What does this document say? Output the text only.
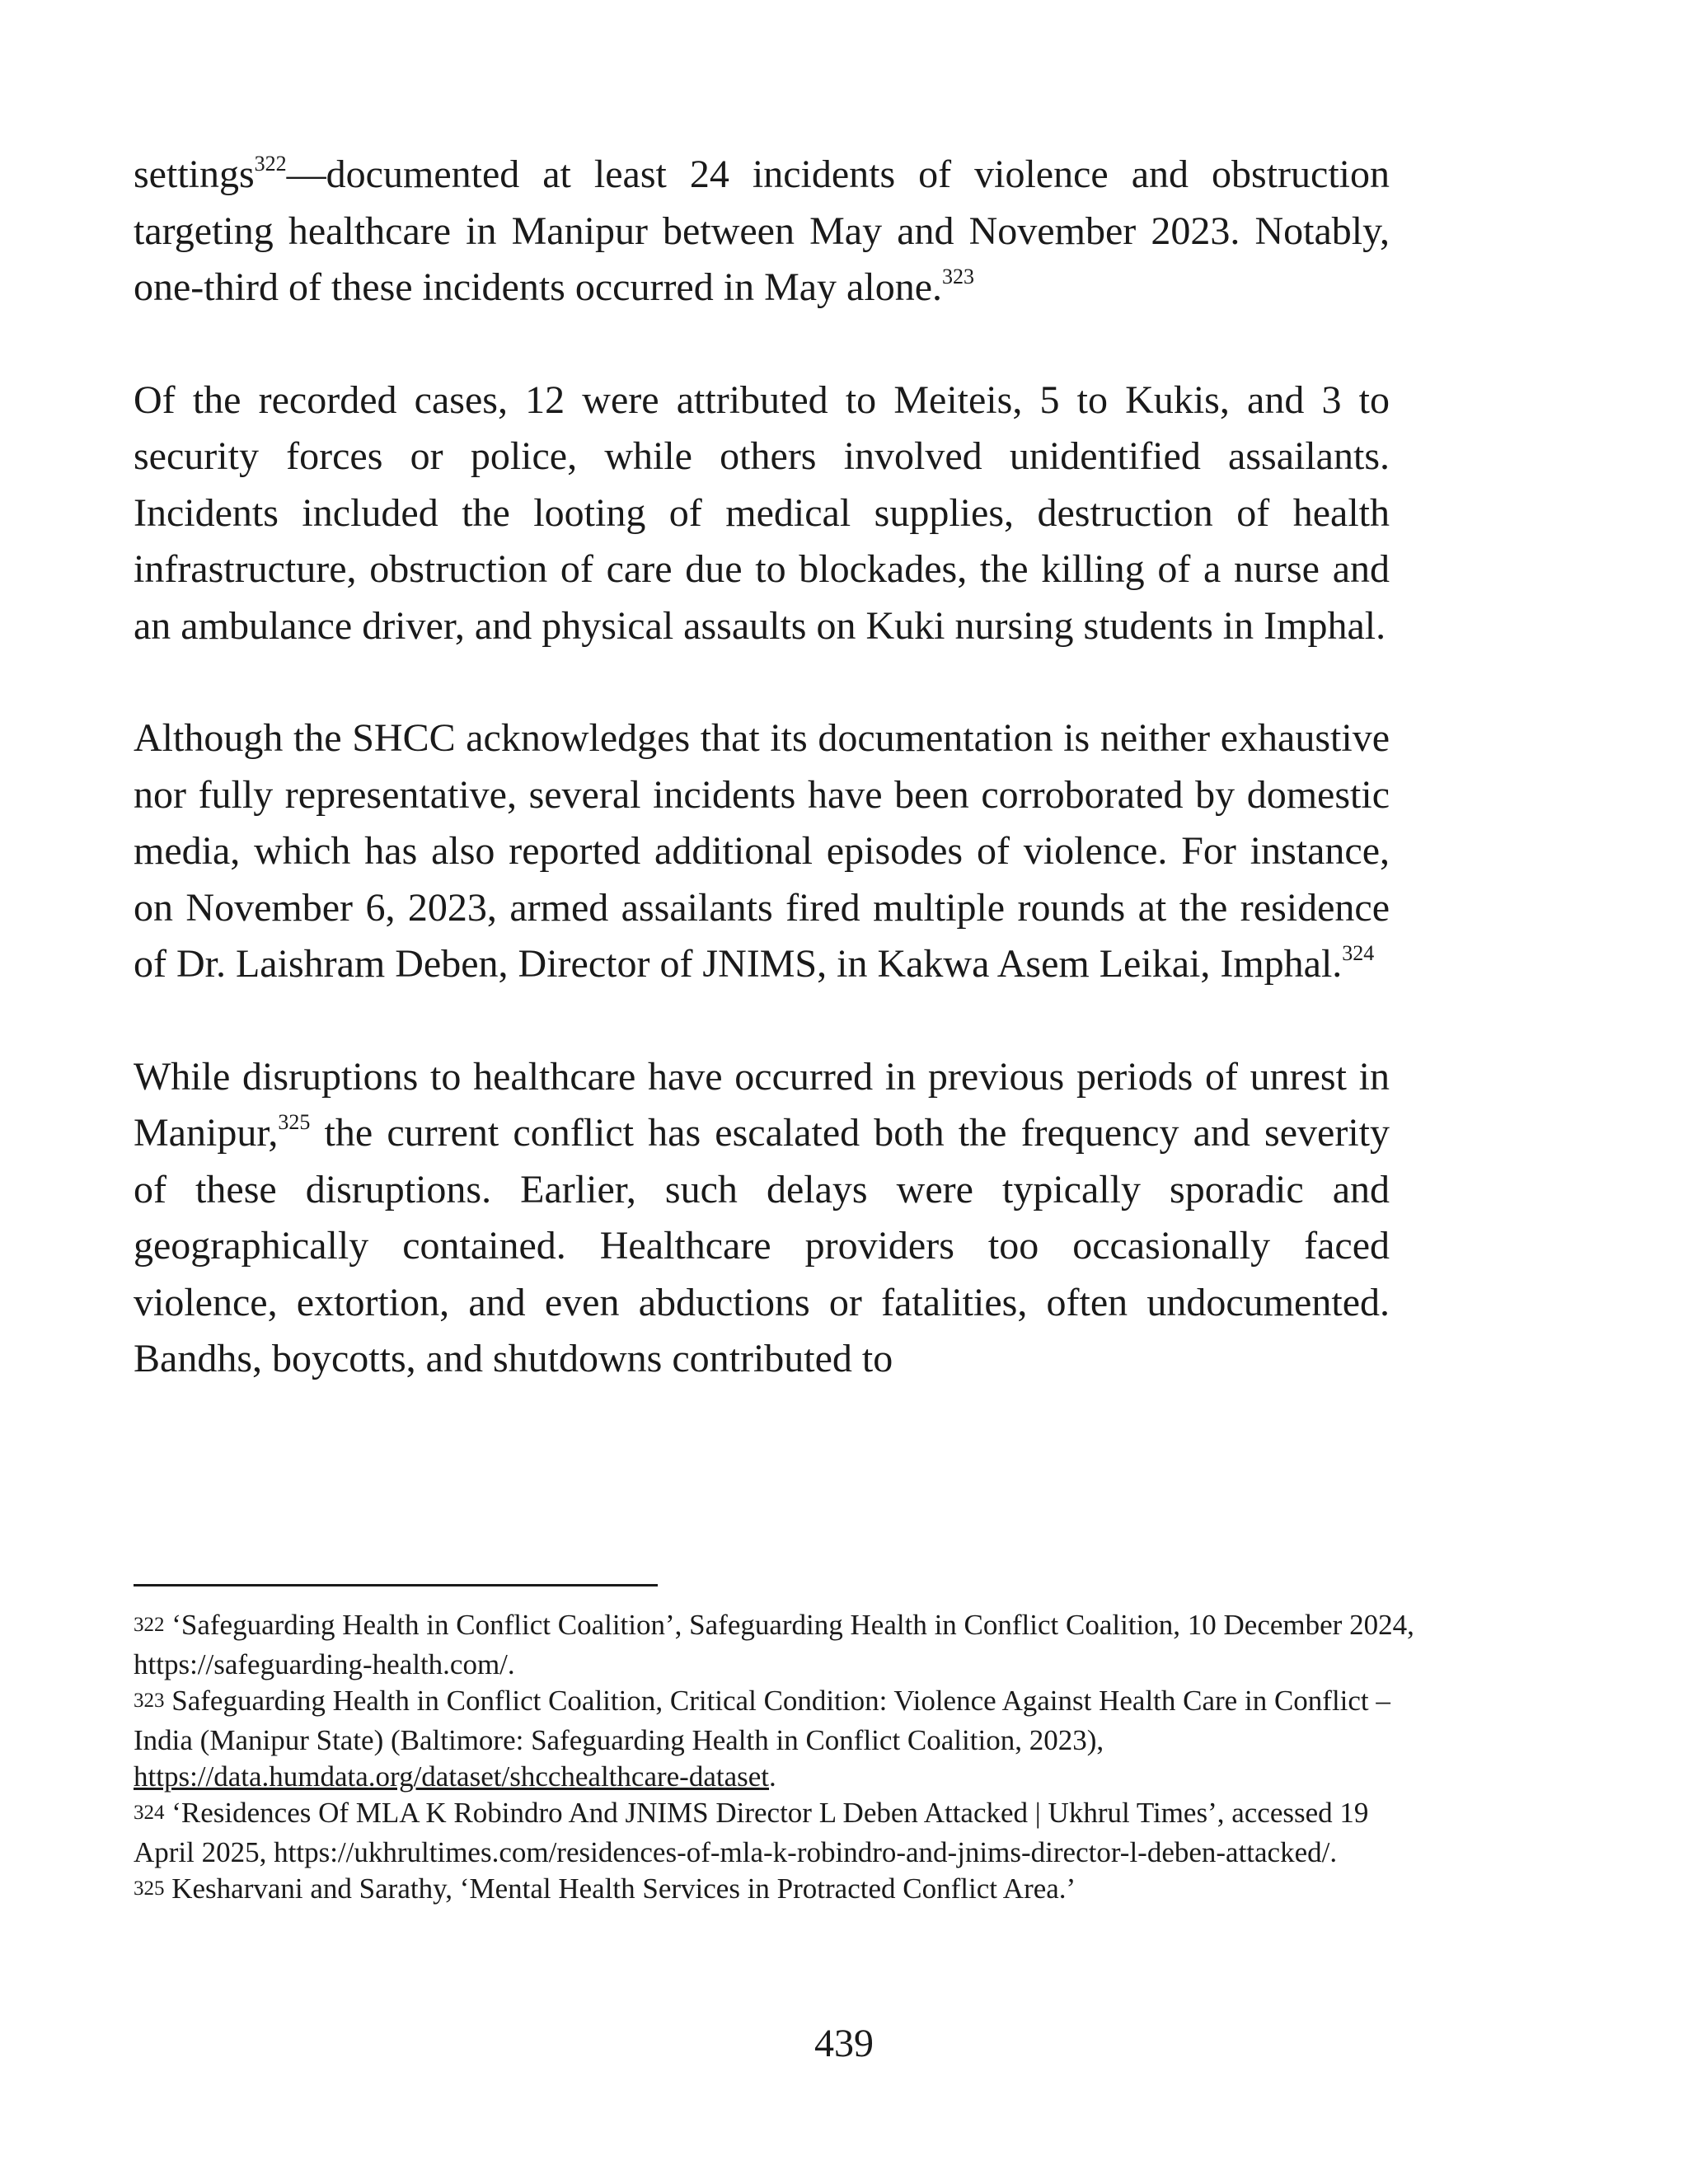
settings$^{322}$—documented at least 24 incidents of violence and obstruction targeting healthcare in Manipur between May and November 2023. Notably, one-third of these incidents occurred in May alone.$^{323}$

Of the recorded cases, 12 were attributed to Meiteis, 5 to Kukis, and 3 to security forces or police, while others involved unidentified assailants. Incidents included the looting of medical supplies, destruction of health infrastructure, obstruction of care due to blockades, the killing of a nurse and an ambulance driver, and physical assaults on Kuki nursing students in Imphal.

Although the SHCC acknowledges that its documentation is neither exhaustive nor fully representative, several incidents have been corroborated by domestic media, which has also reported additional episodes of violence. For instance, on November 6, 2023, armed assailants fired multiple rounds at the residence of Dr. Laishram Deben, Director of JNIMS, in Kakwa Asem Leikai, Imphal.$^{324}$

While disruptions to healthcare have occurred in previous periods of unrest in Manipur,$^{325}$ the current conflict has escalated both the frequency and severity of these disruptions. Earlier, such delays were typically sporadic and geographically contained. Healthcare providers too occasionally faced violence, extortion, and even abductions or fatalities, often undocumented. Bandhs, boycotts, and shutdowns contributed to

322 ‘Safeguarding Health in Conflict Coalition’, Safeguarding Health in Conflict Coalition, 10 December 2024, https://safeguarding-health.com/.

323 Safeguarding Health in Conflict Coalition, Critical Condition: Violence Against Health Care in Conflict – India (Manipur State) (Baltimore: Safeguarding Health in Conflict Coalition, 2023), https://data.humdata.org/dataset/shcchealthcare-dataset.

324 ‘Residences Of MLA K Robindro And JNIMS Director L Deben Attacked | Ukhrul Times’, accessed 19 April 2025, https://ukhrultimes.com/residences-of-mla-k-robindro-and-jnims-director-l-deben-attacked/.

325 Kesharvani and Sarathy, ‘Mental Health Services in Protracted Conflict Area.’

439
